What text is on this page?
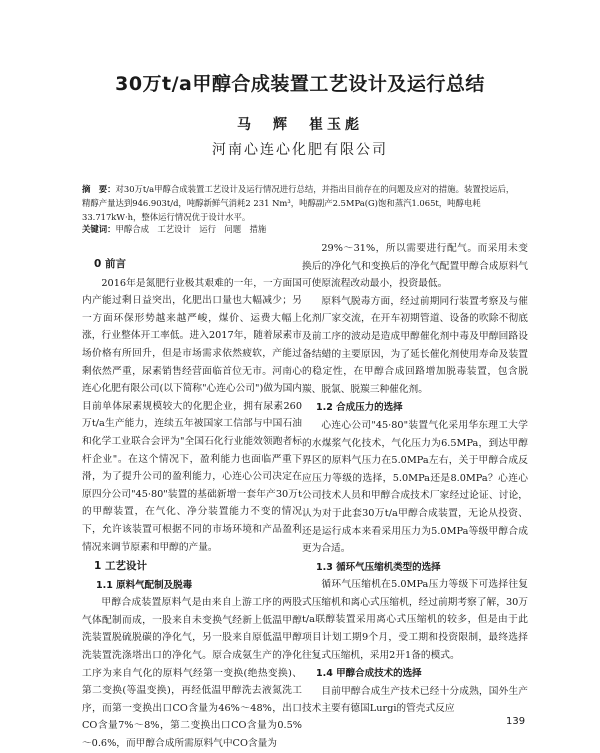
30万t/a甲醇合成装置工艺设计及运行总结
马　辉　崔玉彪
河南心连心化肥有限公司
摘　要：对30万t/a甲醇合成装置工艺设计及运行情况进行总结，并指出目前存在的问题及应对的措施。装置投运后，精醇产量达到946.903t/d，吨醇新鲜气消耗2 231 Nm³，吨醇副产2.5MPa(G)饱和蒸汽1.065t，吨醇电耗33.717kW·h，整体运行情况优于设计水平。
关键词：甲醇合成　工艺设计　运行　问题　措施
0 前言

2016年是氮肥行业极其艰难的一年，一方面国内产能过剩日益突出，化肥出口量也大幅减少；另一方面环保形势越来越严峻，煤价、运费大幅上涨，行业整体开工率低。进入2017年，随着尿素市场价格有所回升，但是市场需求依然疲软，产能过剩依然严重，尿素销售经营面临首位无市。河南心连心化肥有限公司(以下简称"心连心公司")做为国内目前单体尿素规模较大的化肥企业，拥有尿素260万t/a生产能力，连续五年被国家工信部与中国石油和化学工业联合会评为"全国石化行业能效领跑者标杆企业"。在这个情况下，盈利能力也面临严重下滑，为了提升公司的盈利能力，心连心公司决定在原四分公司"45·80"装置的基础新增一套年产30万t的甲醇装置，在气化、净分装置能力不变的情况下，允许该装置可根据不同的市场环境和产品盈利情况来调节原素和甲醇的产量。

1 工艺设计
1.1 原料气配制及脱毒

甲醇合成装置原料气是由来自上游工序的两股气体配制而成，一股来自未变换气经新上低温甲醇洗装置脱硫脱碳的净化气，另一股来自原低温甲醇洗装置洗涤塔出口的净化气。原合成氨生产的净化工序为来自气化的原料气经第一变换(绝热变换)、第二变换(等温变换)，再经低温甲醇洗去液氮洗工序，而第一变换出口CO含量为46%～48%，出口CO含量7%～8%，第二变换出口CO含量为0.5%～0.6%，而甲醇合成所需原料气中CO含量为

29%～31%，所以需要进行配气。而采用未变换后的净化气和变换后的净化气配置甲醇合成原料气可使原流程改动最小，投资最低。

原料气脱毒方面，经过前期同行装置考察及与催化剂厂家交流，在开车初期管道、设备的吹除不彻底及前工序的波动是造成甲醇催化剂中毒及甲醇回路设备结蜡的主要原因，为了延长催化剂使用寿命及装置的稳定性，在甲醇合成回路增加脱毒装置，包含脱羰、脱氯、脱羰三种催化剂。

1.2 合成压力的选择

心连心公司"45·80"装置气化采用华东理工大学的水煤浆气化技术，气化压力为6.5MPa，到达甲醇界区的原料气压力在5.0MPa左右，关于甲醇合成反应压力等级的选择，5.0MPa还是8.0MPa？心连心公司技术人员和甲醇合成技术厂家经过论证、讨论，认为对于此套30万t/a甲醇合成装置，无论从投资、还是运行成本来看采用压力为5.0MPa等级甲醇合成更为合适。

1.3 循环气压缩机类型的选择

循环气压缩机在5.0MPa压力等级下可选择往复式压缩机和离心式压缩机，经过前期考察了解，30万t/a联醇装置采用离心式压缩机的较多，但是由于此项目计划工期9个月，受工期和投资限制，最终选择往复式压缩机，采用2开1备的模式。

1.4 甲醇合成技术的选择

目前甲醇合成生产技术已经十分成熟，国外生产技术主要有德国Lurgi的管壳式反应

139
